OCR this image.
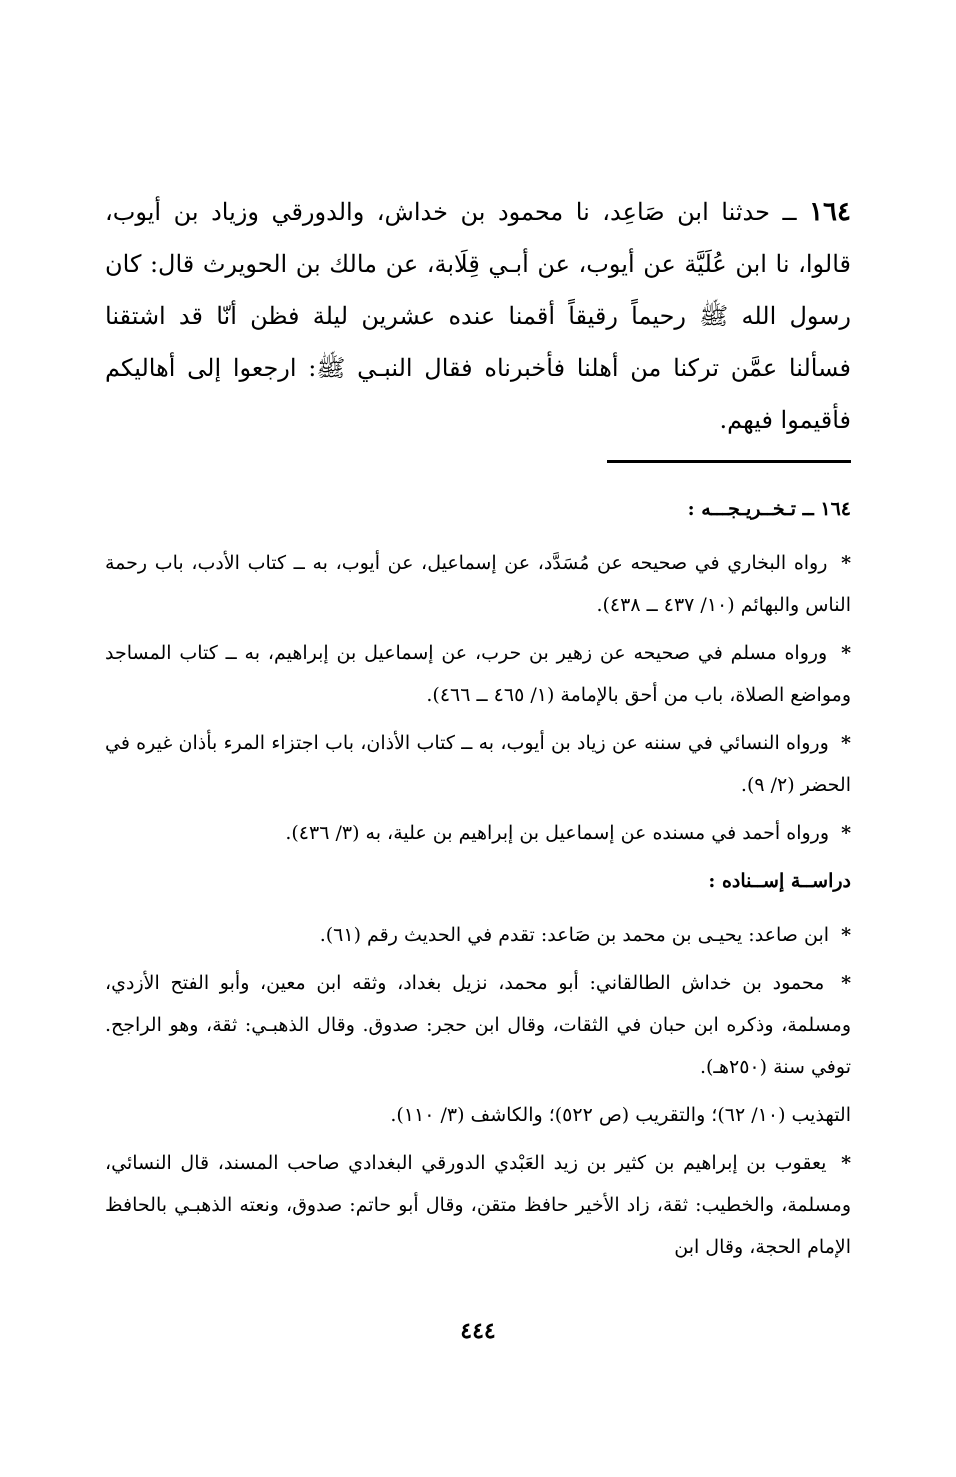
١٦٤ ــ حدثنا ابن صَاعِد، نا محمود بن خداش، والدورقي وزياد بن أيوب، قالوا، نا ابن عُلَيَّة عن أيوب، عن أبـي قِلَابة، عن مالك بن الحويرث قال: كان رسول الله ﷺ رحيماً رقيقاً أقمنا عنده عشرين ليلة فظن أنّا قد اشتقنا فسألنا عمَّن تركنا من أهلنا فأخبرناه فقال النبـي ﷺ: ارجعوا إلى أهاليكم فأقيموا فيهم.

١٦٤ ــ تـخــريـجـــه :

* رواه البخاري في صحيحه عن مُسَدَّد، عن إسماعيل، عن أيوب، به ــ كتاب الأدب، باب رحمة الناس والبهائم (١٠/ ٤٣٧ ــ ٤٣٨).

* ورواه مسلم في صحيحه عن زهير بن حرب، عن إسماعيل بن إبراهيم، به ــ كتاب المساجد ومواضع الصلاة، باب من أحق بالإمامة (١/ ٤٦٥ ــ ٤٦٦).

* ورواه النسائي في سننه عن زياد بن أيوب، به ــ كتاب الأذان، باب اجتزاء المرء بأذان غيره في الحضر (٢/ ٩).

* ورواه أحمد في مسنده عن إسماعيل بن إبراهيم بن علية، به (٣/ ٤٣٦).

دراســة إســناده :

* ابن صاعد: يحيـى بن محمد بن صَاعد: تقدم في الحديث رقم (٦١).

* محمود بن خداش الطالقاني: أبو محمد، نزيل بغداد، وثقه ابن معين، وأبو الفتح الأزدي، ومسلمة، وذكره ابن حبان في الثقات، وقال ابن حجر: صدوق. وقال الذهبـي: ثقة، وهو الراجح. توفي سنة (٢٥٠هـ).

التهذيب (١٠/ ٦٢)؛ والتقريب (ص ٥٢٢)؛ والكاشف (٣/ ١١٠).

* يعقوب بن إبراهيم بن كثير بن زيد العَبْدي الدورقي البغدادي صاحب المسند، قال النسائي، ومسلمة، والخطيب: ثقة، زاد الأخير حافظ متقن، وقال أبو حاتم: صدوق، ونعته الذهبـي بالحافظ الإمام الحجة، وقال ابن

٤٤٤
